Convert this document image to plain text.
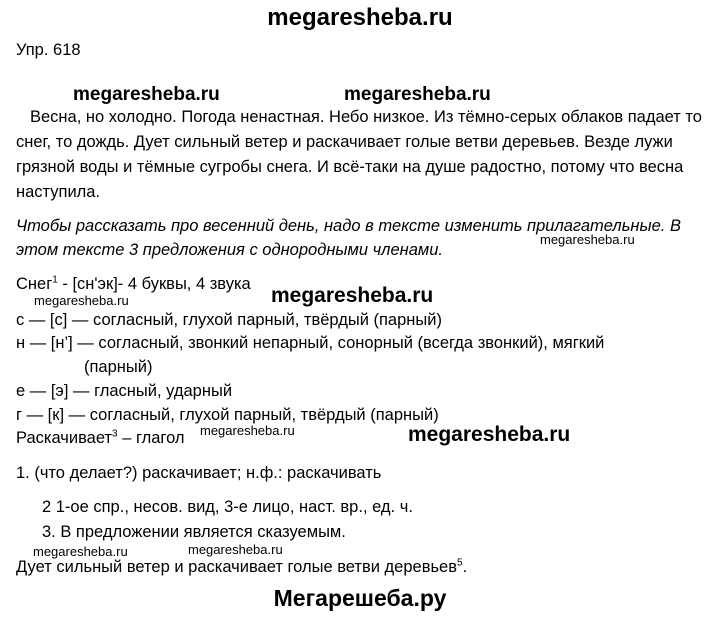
megaresheba.ru
Упр. 618
megaresheba.ru	megaresheba.ru
megaresheba.ru
megaresheba.ru	megaresheba.ru
megaresheba.ru	megaresheba.ru
megaresheba.ru	megaresheba.ru
Весна, но холодно. Погода ненастная. Небо низкое. Из тёмно-серых облаков падает то
снег, то дождь. Дует сильный ветер и раскачивает голые ветви деревьев. Везде лужи
грязной воды и тёмные сугробы снега. И всё-таки на душе радостно, потому что весна
наступила.
Чтобы рассказать про весенний день, надо в тексте изменить прилагательные. В
этом тексте 3 предложения с однородными членами.
Снег$^1$ - [сн'эк]- 4 буквы, 4 звука
с — [с] — согласный, глухой парный, твёрдый (парный)
н — [н’] — согласный, звонкий непарный, сонорный (всегда звонкий), мягкий
(парный)
е — [э] — гласный, ударный
г — [к] — согласный, глухой парный, твёрдый (парный)
Раскачивает$^3$ – глагол
1. (что делает?) раскачивает; н.ф.: раскачивать
2 1-ое спр., несов. вид, 3-е лицо, наст. вр., ед. ч.
3. В предложении является сказуемым.
Дует сильный ветер и раскачивает голые ветви деревьев$^5$.
Мегарешеба.ру
